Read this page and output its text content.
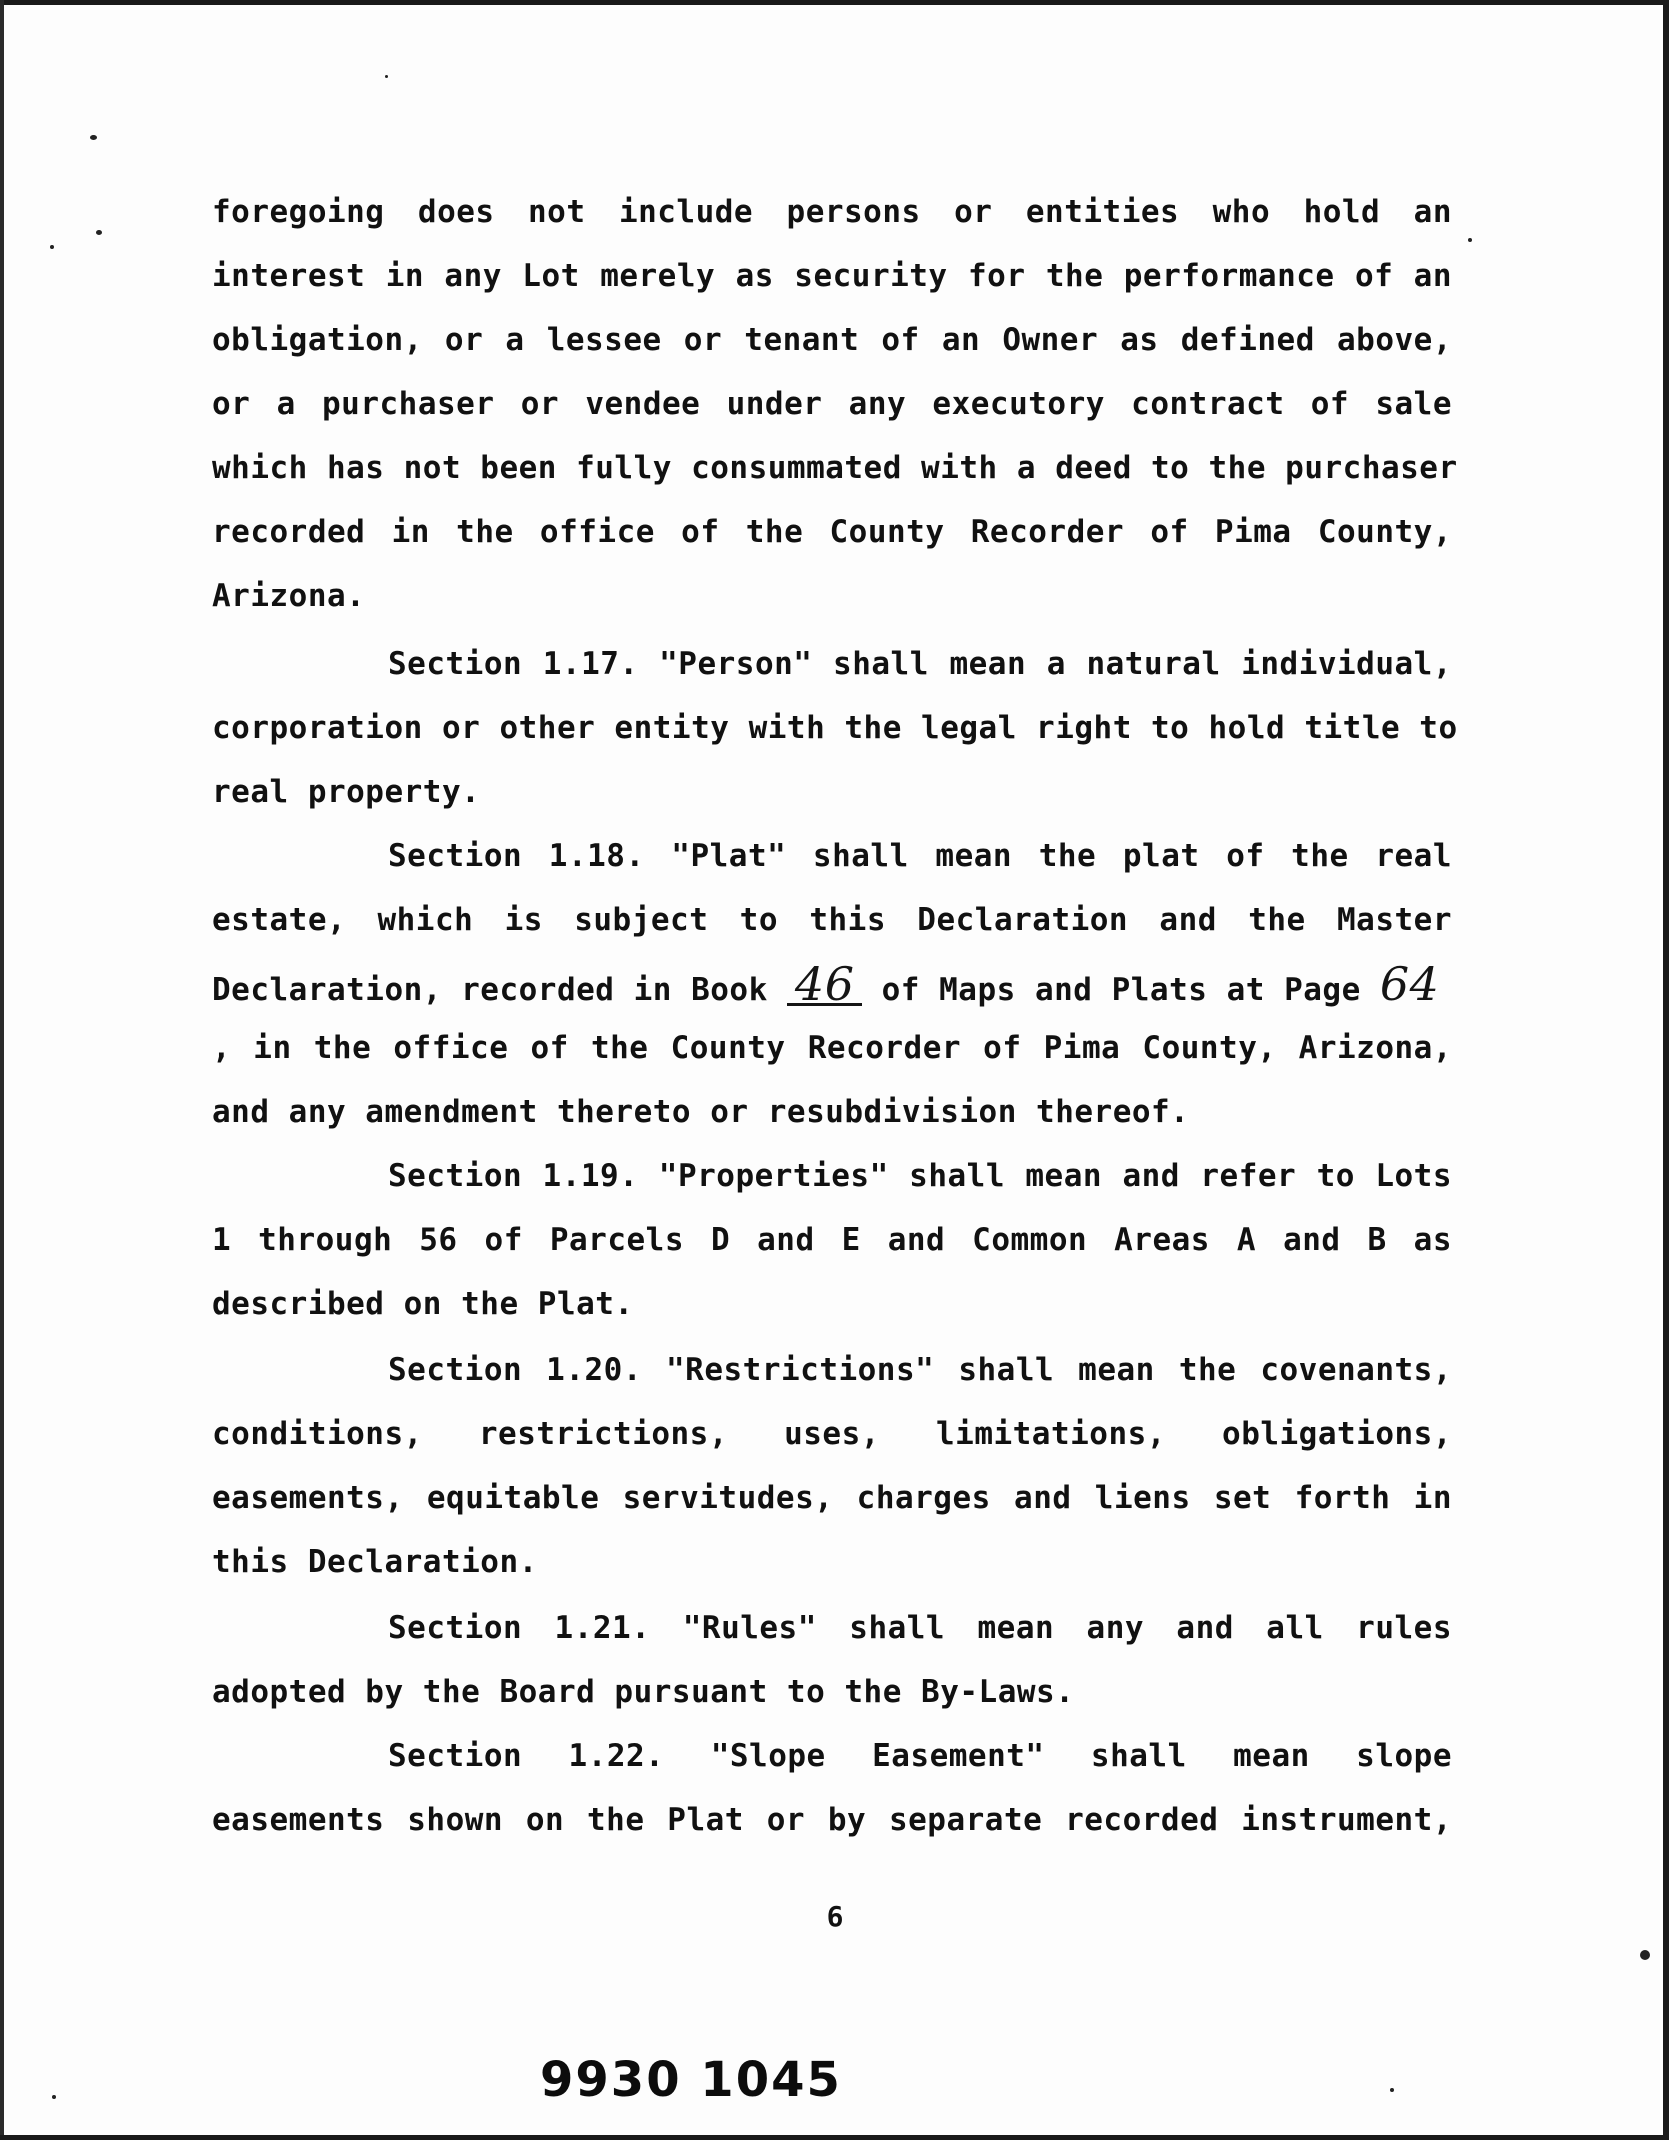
foregoing does not include persons or entities who hold an
interest in any Lot merely as security for the performance of an
obligation, or a lessee or tenant of an Owner as defined above,
or a purchaser or vendee under any executory contract of sale
which has not been fully consummated with a deed to the purchaser
recorded in the office of the County Recorder of Pima County,
Arizona.
Section 1.17. "Person" shall mean a natural individual,
corporation or other entity with the legal right to hold title to
real property.
Section 1.18. "Plat" shall mean the plat of the real
estate, which is subject to this Declaration and the Master
Declaration, recorded in Book 46 of Maps and Plats at Page 64
, in the office of the County Recorder of Pima County, Arizona,
and any amendment thereto or resubdivision thereof.
Section 1.19. "Properties" shall mean and refer to Lots
1 through 56 of Parcels D and E and Common Areas A and B as
described on the Plat.
Section 1.20. "Restrictions" shall mean the covenants,
conditions, restrictions, uses, limitations, obligations,
easements, equitable servitudes, charges and liens set forth in
this Declaration.
Section 1.21. "Rules" shall mean any and all rules
adopted by the Board pursuant to the By-Laws.
Section 1.22. "Slope Easement" shall mean slope
easements shown on the Plat or by separate recorded instrument,
6
9930 1045
